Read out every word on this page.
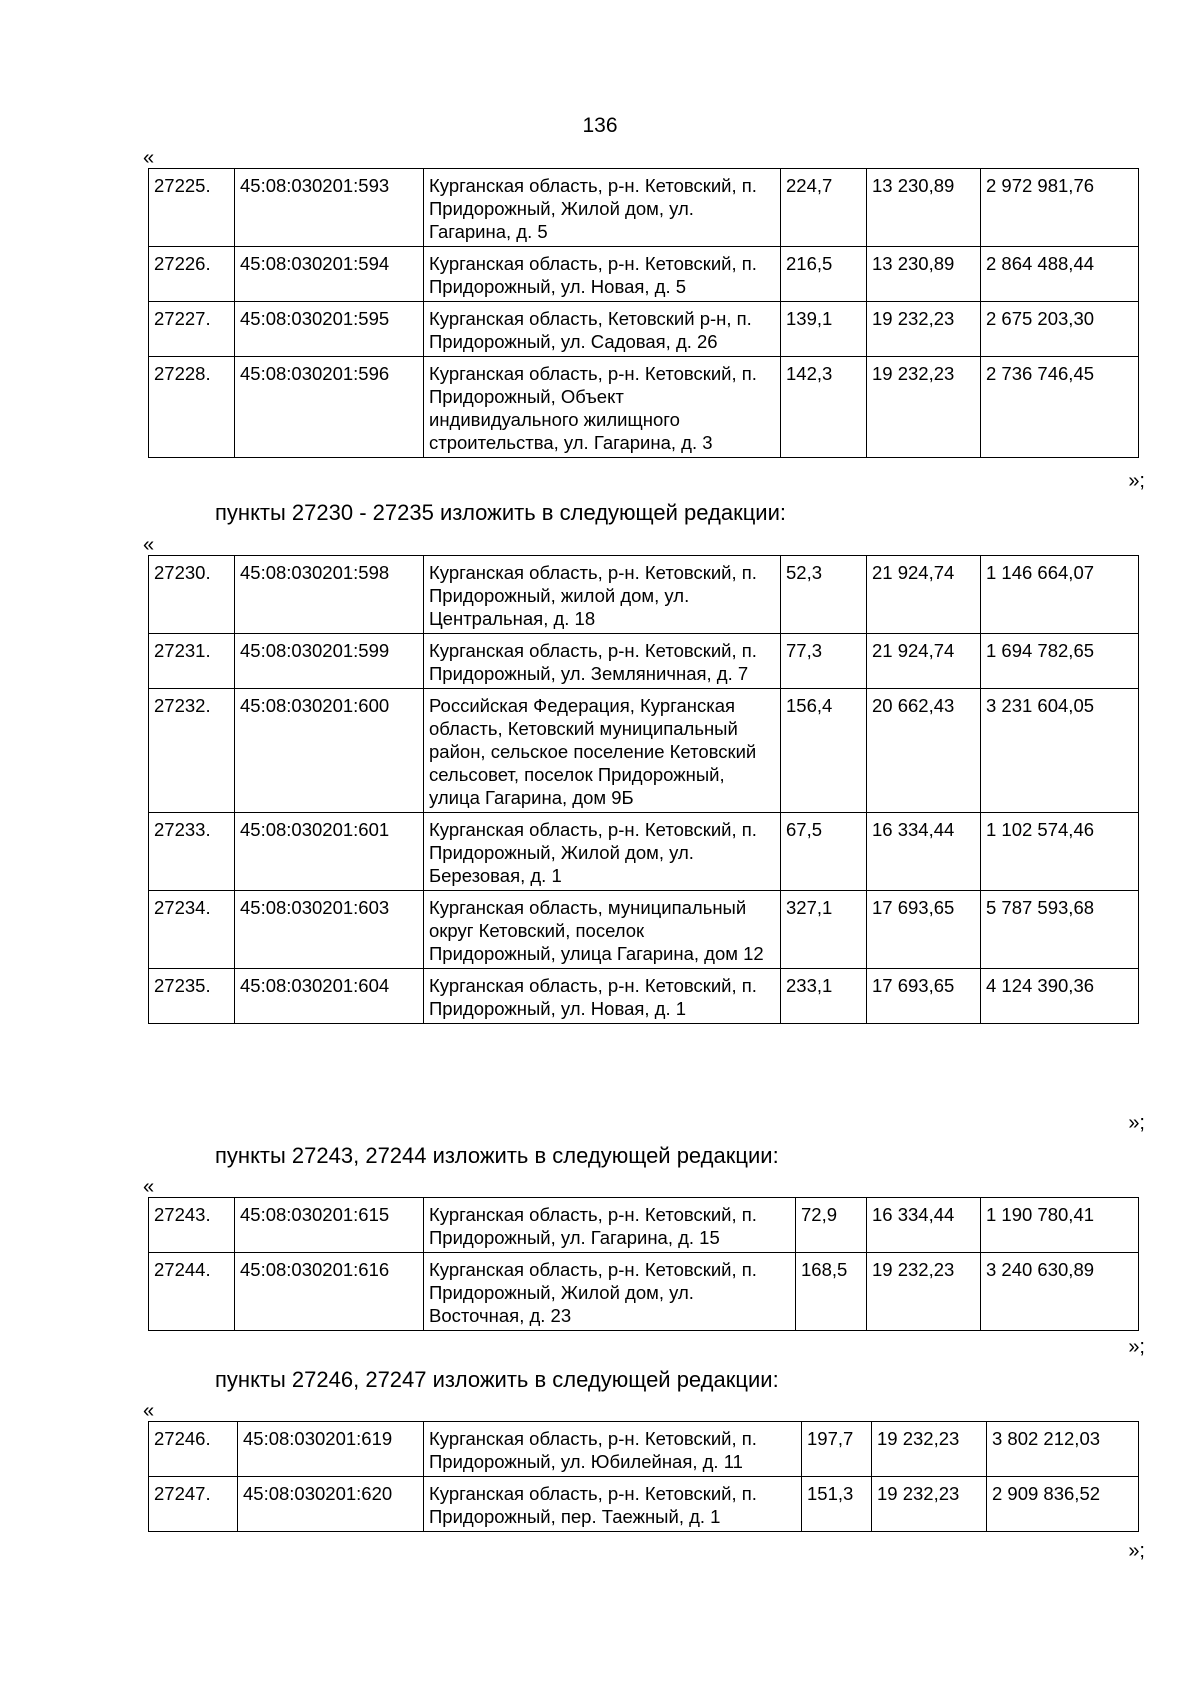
136
«
27225.	45:08:030201:593	Курганская область, р-н. Кетовский, п. Придорожный, Жилой дом, ул. Гагарина, д. 5	224,7	13 230,89	2 972 981,76
27226.	45:08:030201:594	Курганская область, р-н. Кетовский, п. Придорожный, ул. Новая, д. 5	216,5	13 230,89	2 864 488,44
27227.	45:08:030201:595	Курганская область, Кетовский р-н, п. Придорожный, ул. Садовая, д. 26	139,1	19 232,23	2 675 203,30
27228.	45:08:030201:596	Курганская область, р-н. Кетовский, п. Придорожный, Объект индивидуального жилищного строительства, ул. Гагарина, д. 3	142,3	19 232,23	2 736 746,45
»;
пункты 27230 - 27235 изложить в следующей редакции:
«
27230.	45:08:030201:598	Курганская область, р-н. Кетовский, п. Придорожный, жилой дом, ул. Центральная, д. 18	52,3	21 924,74	1 146 664,07
27231.	45:08:030201:599	Курганская область, р-н. Кетовский, п. Придорожный, ул. Земляничная, д. 7	77,3	21 924,74	1 694 782,65
27232.	45:08:030201:600	Российская Федерация, Курганская область, Кетовский муниципальный район, сельское поселение Кетовский сельсовет, поселок Придорожный, улица Гагарина, дом 9Б	156,4	20 662,43	3 231 604,05
27233.	45:08:030201:601	Курганская область, р-н. Кетовский, п. Придорожный, Жилой дом, ул. Березовая, д. 1	67,5	16 334,44	1 102 574,46
27234.	45:08:030201:603	Курганская область, муниципальный округ Кетовский, поселок Придорожный, улица Гагарина, дом 12	327,1	17 693,65	5 787 593,68
27235.	45:08:030201:604	Курганская область, р-н. Кетовский, п. Придорожный, ул. Новая, д. 1	233,1	17 693,65	4 124 390,36
»;
пункты 27243, 27244 изложить в следующей редакции:
«
27243.	45:08:030201:615	Курганская область, р-н. Кетовский, п. Придорожный, ул. Гагарина, д. 15	72,9	16 334,44	1 190 780,41
27244.	45:08:030201:616	Курганская область, р-н. Кетовский, п. Придорожный, Жилой дом, ул. Восточная, д. 23	168,5	19 232,23	3 240 630,89
»;
пункты 27246, 27247 изложить в следующей редакции:
«
27246.	45:08:030201:619	Курганская область, р-н. Кетовский, п. Придорожный, ул. Юбилейная, д. 11	197,7	19 232,23	3 802 212,03
27247.	45:08:030201:620	Курганская область, р-н. Кетовский, п. Придорожный, пер. Таежный, д. 1	151,3	19 232,23	2 909 836,52
»;
